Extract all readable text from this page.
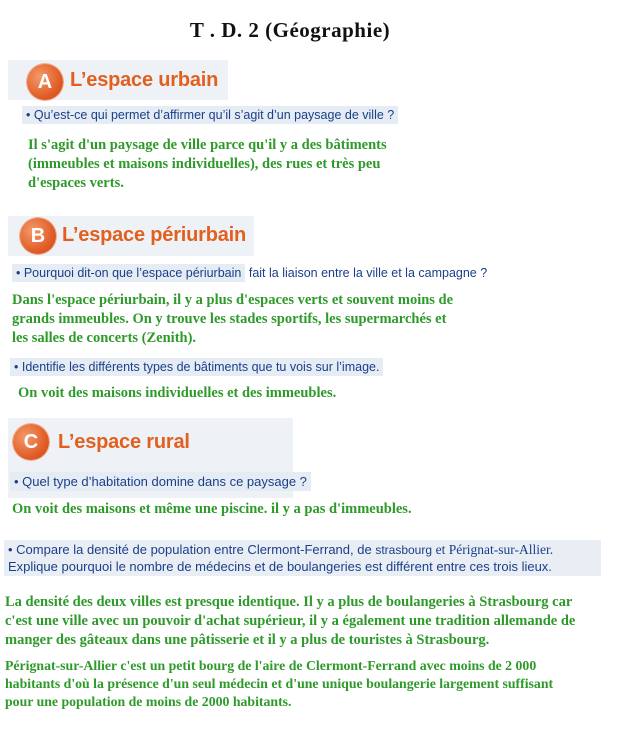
T . D. 2 (Géographie)
A L’espace urbain
• Qu’est-ce qui permet d’affirmer qu’il s’agit d’un paysage de ville ?
Il s'agit d'un paysage de ville parce qu'il y a des bâtiments
(immeubles et maisons individuelles), des rues et très peu
d'espaces verts.
B L’espace périurbain
• Pourquoi dit-on que l’espace périurbain fait la liaison entre la ville et la campagne ?
Dans l'espace périurbain, il y a plus d'espaces verts et souvent moins de
grands immeubles. On y trouve les stades sportifs, les supermarchés et
les salles de concerts (Zenith).
• Identifie les différents types de bâtiments que tu vois sur l’image.
On voit des maisons individuelles et des immeubles.
C L’espace rural
• Quel type d’habitation domine dans ce paysage ?
On voit des maisons et même une piscine. il y a pas d'immeubles.
• Compare la densité de population entre Clermont-Ferrand, de strasbourg et Pérignat-sur-Allier.
Explique pourquoi le nombre de médecins et de boulangeries est différent entre ces trois lieux.
La densité des deux villes est presque identique. Il y a plus de boulangeries à Strasbourg car
c'est une ville avec un pouvoir d'achat supérieur, il y a également une tradition allemande de
manger des gâteaux dans une pâtisserie et il y a plus de touristes à Strasbourg.
Pérignat-sur-Allier c'est un petit bourg de l'aire de Clermont-Ferrand avec moins de 2 000
habitants d'où la présence d'un seul médecin et d'une unique boulangerie largement suffisant
pour une population de moins de 2000 habitants.
